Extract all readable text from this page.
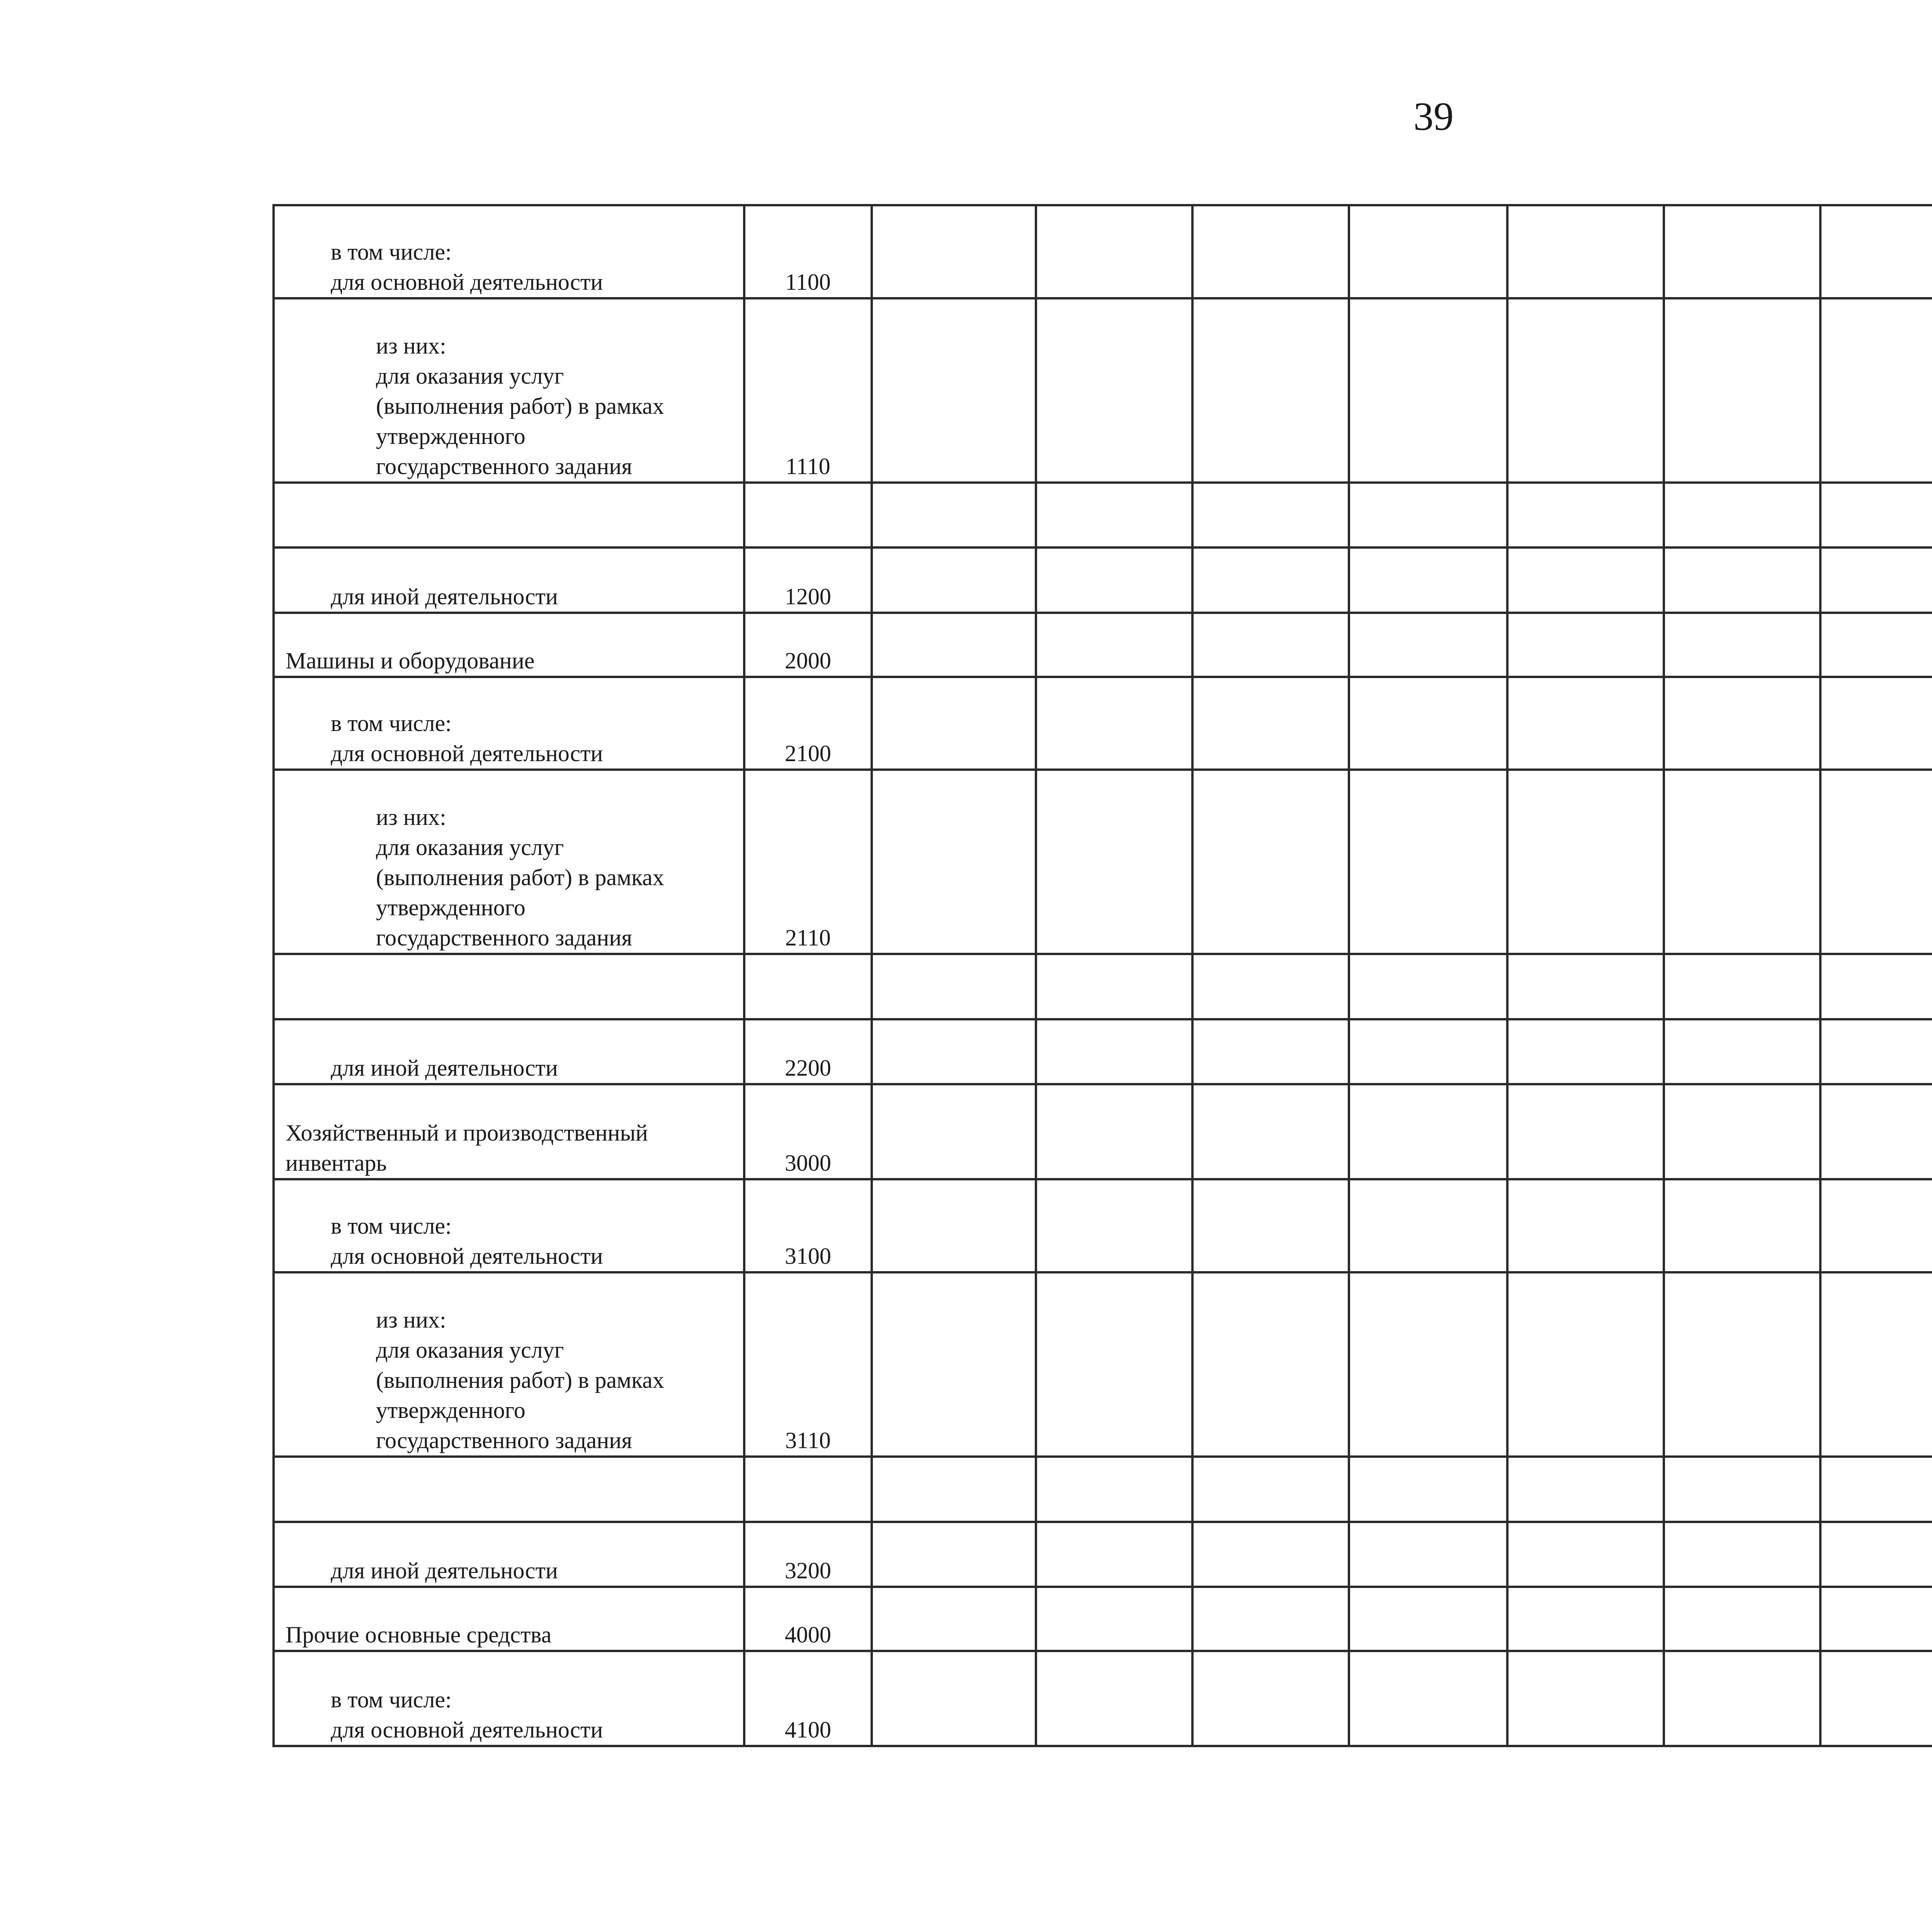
39
в том числе:
для основной деятельности	1100											

из них:
для оказания услуг
(выполнения работ) в рамках
утвержденного
государственного задания	1110											

для иной деятельности	1200											

Машины и оборудование	2000											

в том числе:
для основной деятельности	2100											

из них:
для оказания услуг
(выполнения работ) в рамках
утвержденного
государственного задания	2110											

для иной деятельности	2200											

Хозяйственный и производственный
инвентарь	3000											

в том числе:
для основной деятельности	3100											

из них:
для оказания услуг
(выполнения работ) в рамках
утвержденного
государственного задания	3110											

для иной деятельности	3200											

Прочие основные средства	4000											

в том числе:
для основной деятельности	4100											
